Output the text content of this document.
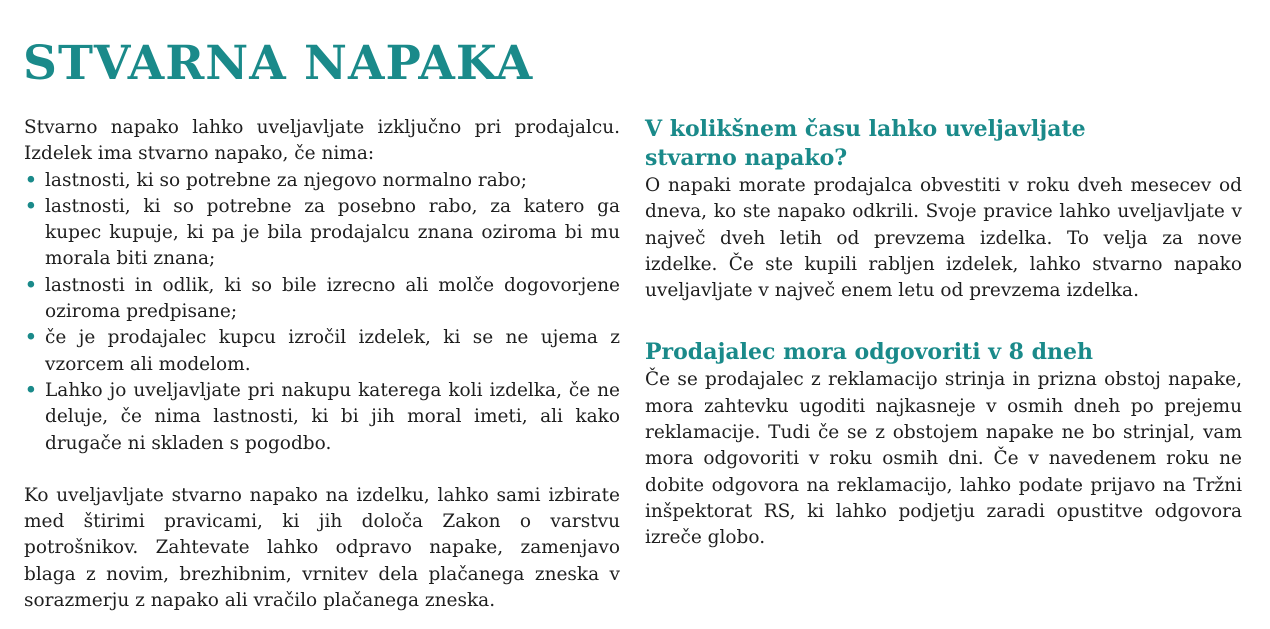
STVARNA NAPAKA

Stvarno napako lahko uveljavljate izključno pri prodajalcu. Izdelek ima stvarno napako, če nima:

• lastnosti, ki so potrebne za njegovo normalno rabo;
• lastnosti, ki so potrebne za posebno rabo, za katero ga kupec kupuje, ki pa je bila prodajalcu znana oziroma bi mu morala biti znana;
• lastnosti in odlik, ki so bile izrecno ali molče dogovorjene oziroma predpisane;
• če je prodajalec kupcu izročil izdelek, ki se ne ujema z vzorcem ali modelom.
• Lahko jo uveljavljate pri nakupu katerega koli izdelka, če ne deluje, če nima lastnosti, ki bi jih moral imeti, ali kako drugače ni skladen s pogodbo.

Ko uveljavljate stvarno napako na izdelku, lahko sami izbirate med štirimi pravicami, ki jih določa Zakon o varstvu potrošnikov. Zahtevate lahko odpravo napake, zamenjavo blaga z novim, brezhibnim, vrnitev dela plačanega zneska v sorazmerju z napako ali vračilo plačanega zneska.

V kolikšnem času lahko uveljavljate
stvarno napako?

O napaki morate prodajalca obvestiti v roku dveh mesecev od dneva, ko ste napako odkrili. Svoje pravice lahko uveljavljate v največ dveh letih od prevzema izdelka. To velja za nove izdelke. Če ste kupili rabljen izdelek, lahko stvarno napako uveljavljate v največ enem letu od prevzema izdelka.

Prodajalec mora odgovoriti v 8 dneh

Če se prodajalec z reklamacijo strinja in prizna obstoj napake, mora zahtevku ugoditi najkasneje v osmih dneh po prejemu reklamacije. Tudi če se z obstojem napake ne bo strinjal, vam mora odgovoriti v roku osmih dni. Če v navedenem roku ne dobite odgovora na reklamacijo, lahko podate prijavo na Tržni inšpektorat RS, ki lahko podjetju zaradi opustitve odgovora izreče globo.
